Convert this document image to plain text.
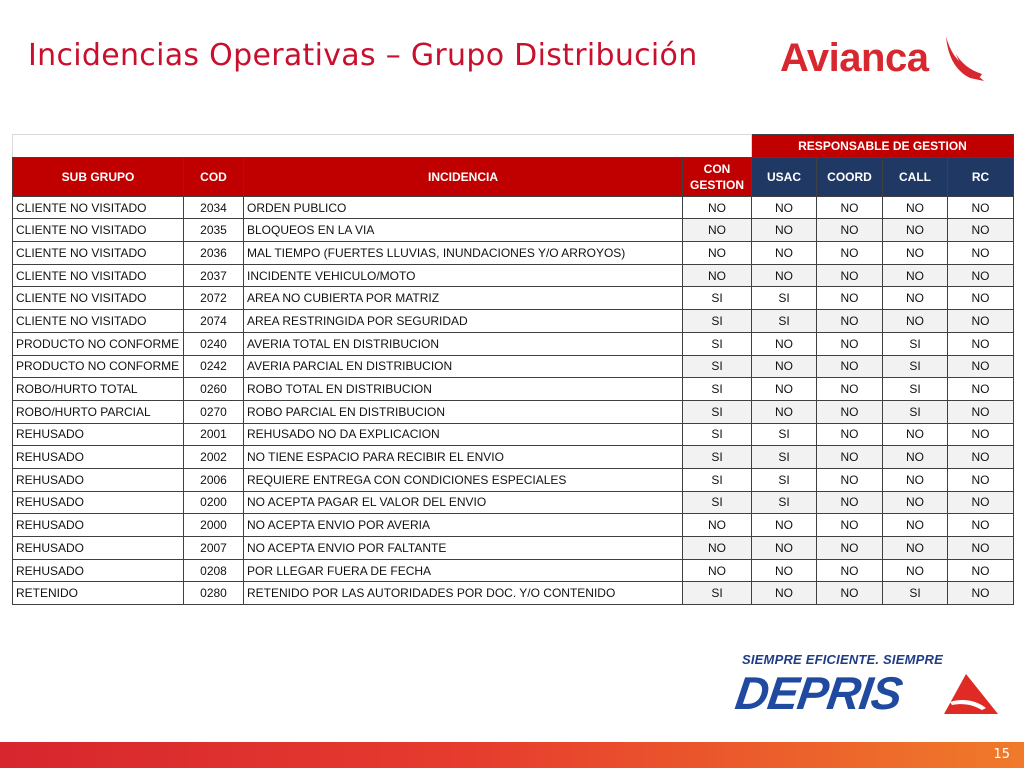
Incidencias Operativas – Grupo Distribución Avianca
				RESPONSABLE DE GESTION			
SUB GRUPO	COD	INCIDENCIA	CON GESTION	USAC	COORD	CALL	RC
CLIENTE NO VISITADO	2034	ORDEN PUBLICO	NO	NO	NO	NO	NO
CLIENTE NO VISITADO	2035	BLOQUEOS EN LA VIA	NO	NO	NO	NO	NO
CLIENTE NO VISITADO	2036	MAL TIEMPO (FUERTES LLUVIAS, INUNDACIONES Y/O ARROYOS)	NO	NO	NO	NO	NO
CLIENTE NO VISITADO	2037	INCIDENTE VEHICULO/MOTO	NO	NO	NO	NO	NO
CLIENTE NO VISITADO	2072	AREA NO CUBIERTA POR MATRIZ	SI	SI	NO	NO	NO
CLIENTE NO VISITADO	2074	AREA RESTRINGIDA POR SEGURIDAD	SI	SI	NO	NO	NO
PRODUCTO NO CONFORME	0240	AVERIA TOTAL EN DISTRIBUCION	SI	NO	NO	SI	NO
PRODUCTO NO CONFORME	0242	AVERIA PARCIAL EN DISTRIBUCION	SI	NO	NO	SI	NO
ROBO/HURTO TOTAL	0260	ROBO TOTAL EN DISTRIBUCION	SI	NO	NO	SI	NO
ROBO/HURTO PARCIAL	0270	ROBO PARCIAL EN DISTRIBUCION	SI	NO	NO	SI	NO
REHUSADO	2001	REHUSADO NO DA EXPLICACION	SI	SI	NO	NO	NO
REHUSADO	2002	NO TIENE ESPACIO PARA RECIBIR EL ENVIO	SI	SI	NO	NO	NO
REHUSADO	2006	REQUIERE ENTREGA CON CONDICIONES ESPECIALES	SI	SI	NO	NO	NO
REHUSADO	0200	NO ACEPTA PAGAR EL VALOR DEL ENVIO	SI	SI	NO	NO	NO
REHUSADO	2000	NO ACEPTA ENVIO POR AVERIA	NO	NO	NO	NO	NO
REHUSADO	2007	NO ACEPTA ENVIO POR FALTANTE	NO	NO	NO	NO	NO
REHUSADO	0208	POR LLEGAR FUERA DE FECHA	NO	NO	NO	NO	NO
RETENIDO	0280	RETENIDO POR LAS AUTORIDADES POR DOC. Y/O CONTENIDO	SI	NO	NO	SI	NO
SIEMPRE EFICIENTE. SIEMPRE
DEPRIS
15
